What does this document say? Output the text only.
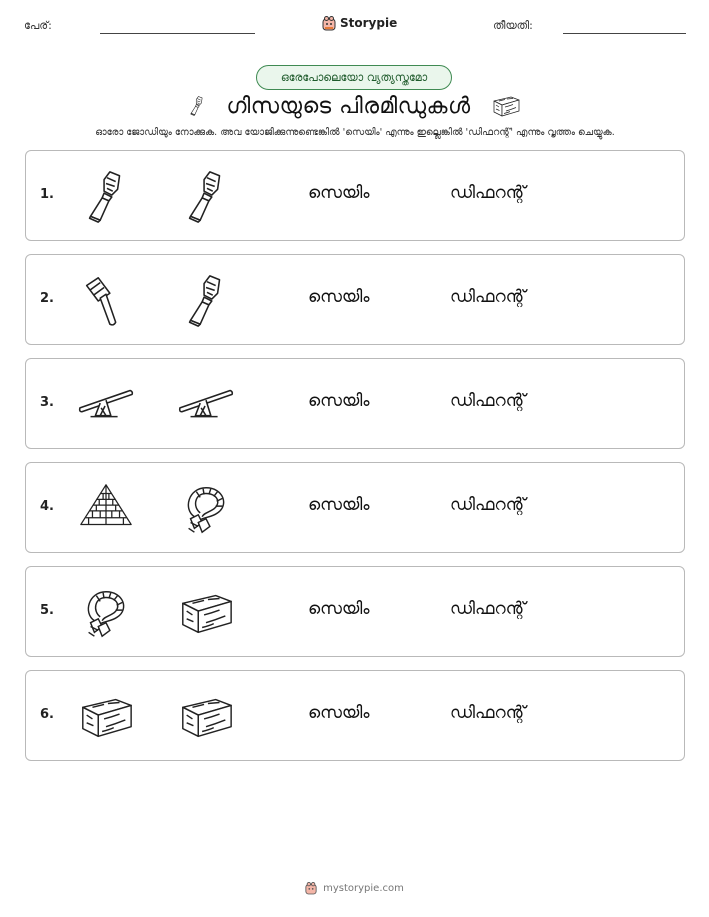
പേര്:	Storypie	തീയതി:
ഒരേപോലെയോ വ്യത്യസ്തമോ
ഗിസയുടെ പിരമിഡുകൾ
ഓരോ ജോഡിയും നോക്കുക. അവ യോജിക്കുന്നുണ്ടെങ്കിൽ 'സെയിം' എന്നും ഇല്ലെങ്കിൽ 'ഡിഫറന്റ്' എന്നും വൃത്തം ചെയ്യുക.
1.	സെയിം	ഡിഫറന്റ്
2.	സെയിം	ഡിഫറന്റ്
3.	സെയിം	ഡിഫറന്റ്
4.	സെയിം	ഡിഫറന്റ്
5.	സെയിം	ഡിഫറന്റ്
6.	സെയിം	ഡിഫറന്റ്
mystorypie.com
